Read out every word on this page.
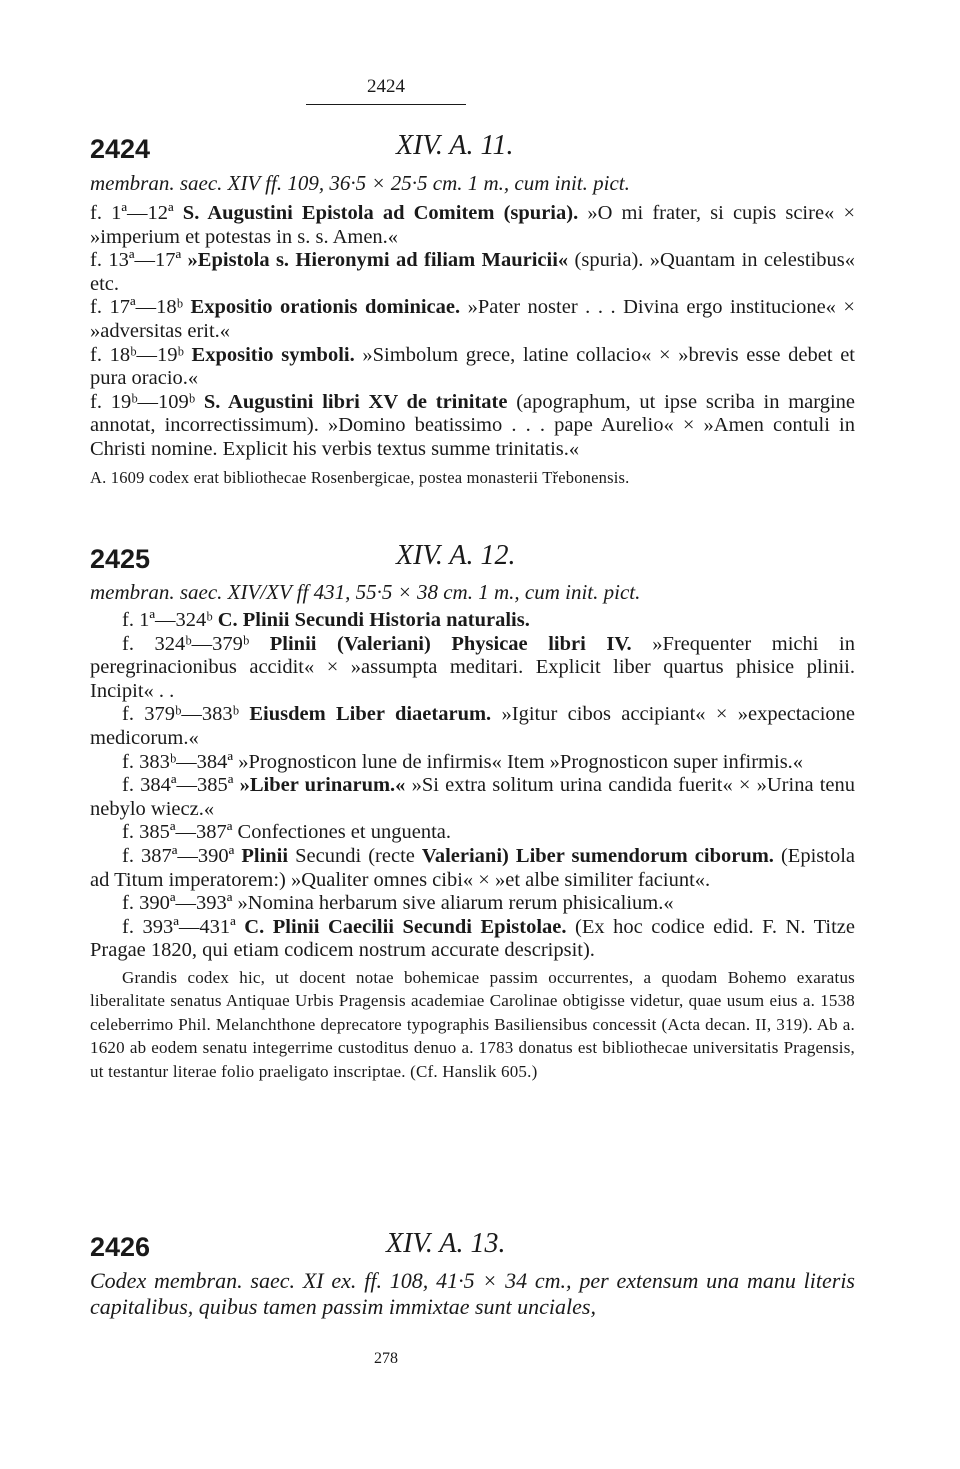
2424
2424	XIV. A. 11.

membran. saec. XIV ff. 109, 36·5 × 25·5 cm. 1 m., cum init. pict.

f. 1ª—12ª S. Augustini Epistola ad Comitem (spuria). »O mi frater, si cupis scire« × »imperium et potestas in s. s. Amen.«

f. 13ª—17ª »Epistola s. Hieronymi ad filiam Mauricii« (spuria). »Quantam in celestibus« etc.

f. 17ª—18ᵇ Expositio orationis dominicae. »Pater noster . . . Divina ergo institucione« × »adversitas erit.«

f. 18ᵇ—19ᵇ Expositio symboli. »Simbolum grece, latine collacio« × »brevis esse debet et pura oracio.«

f. 19ᵇ—109ᵇ S. Augustini libri XV de trinitate (apographum, ut ipse scriba in margine annotat, incorrectissimum). »Domino beatissimo . . . pape Aurelio« × »Amen contuli in Christi nomine. Explicit his verbis textus summe trinitatis.«

A. 1609 codex erat bibliothecae Rosenbergicae, postea monasterii Třebonensis.

2425	XIV. A. 12.

membran. saec. XIV/XV ff 431, 55·5 × 38 cm. 1 m., cum init. pict.

f. 1ª—324ᵇ C. Plinii Secundi Historia naturalis.

f. 324ᵇ—379ᵇ Plinii (Valeriani) Physicae libri IV. »Frequenter michi in peregrinacionibus accidit« × »assumpta meditari. Explicit liber quartus phisice plinii. Incipit« . .

f. 379ᵇ—383ᵇ Eiusdem Liber diaetarum. »Igitur cibos accipiant« × »expectacione medicorum.«

f. 383ᵇ—384ª »Prognosticon lune de infirmis« Item »Prognosticon super infirmis.«

f. 384ª—385ª »Liber urinarum.« »Si extra solitum urina candida fuerit« × »Urina tenu nebylo wiecz.«

f. 385ª—387ª Confectiones et unguenta.

f. 387ª—390ª Plinii Secundi (recte Valeriani) Liber sumendorum ciborum. (Epistola ad Titum imperatorem:) »Qualiter omnes cibi« × »et albe similiter faciunt«.

f. 390ª—393ª »Nomina herbarum sive aliarum rerum phisicalium.«

f. 393ª—431ª C. Plinii Caecilii Secundi Epistolae. (Ex hoc codice edid. F. N. Titze Pragae 1820, qui etiam codicem nostrum accurate descripsit).

Grandis codex hic, ut docent notae bohemicae passim occurrentes, a quodam Bohemo exaratus liberalitate senatus Antiquae Urbis Pragensis academiae Carolinae obtigisse videtur, quae usum eius a. 1538 celeberrimo Phil. Melanchthone deprecatore typographis Basiliensibus concessit (Acta decan. II, 319). Ab a. 1620 ab eodem senatu integerrime custoditus denuo a. 1783 donatus est bibliothecae universitatis Pragensis, ut testantur literae folio praeligato inscriptae. (Cf. Hanslik 605.)

2426	XIV. A. 13.

Codex membran. saec. XI ex. ff. 108, 41·5 × 34 cm., per extensum una manu literis capitalibus, quibus tamen passim immixtae sunt unciales,

278
